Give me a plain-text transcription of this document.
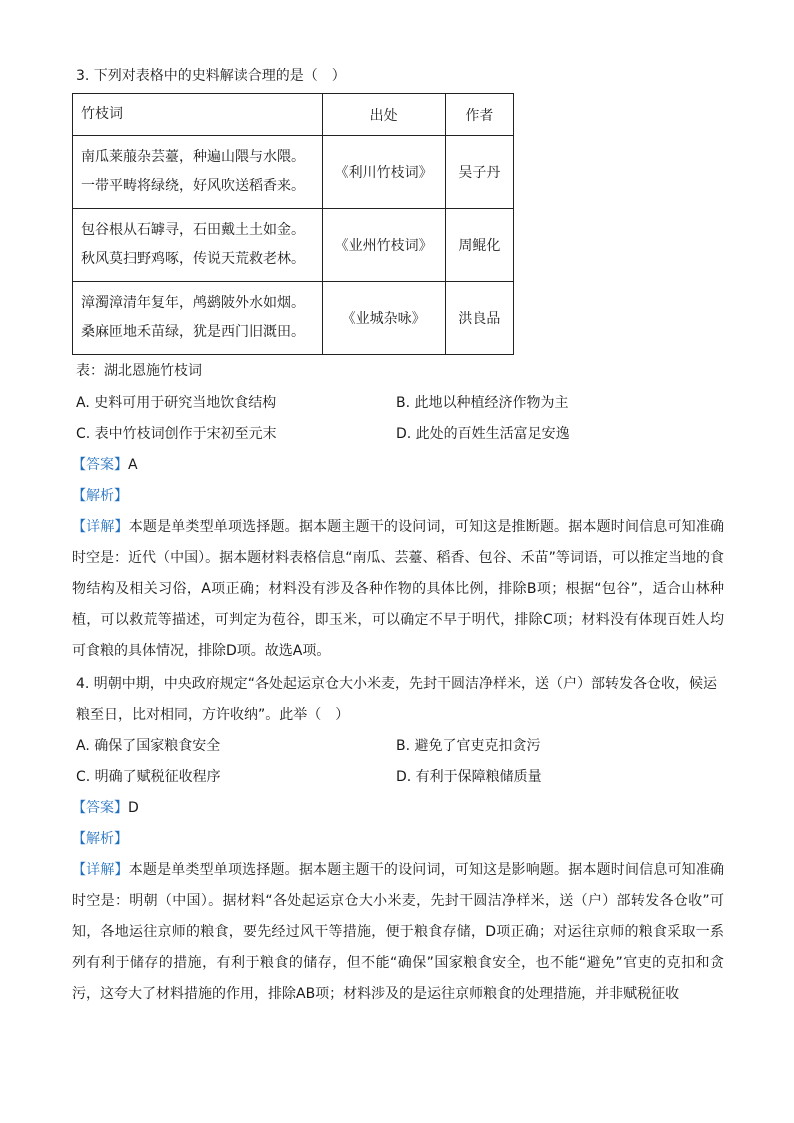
3. 下列对表格中的史料解读合理的是（　）
竹枝词	出处	作者

南瓜莱菔杂芸薹，种遍山隈与水隈。
一带平畴将绿绕，好风吹送稻香来。	《利川竹枝词》	吴子丹

包谷根从石罅寻，石田戴土土如金。
秋风莫扫野鸡啄，传说天荒救老林。	《业州竹枝词》	周鲲化

漳濁漳清年复年，鸬鹚陂外水如烟。
桑麻匝地禾苗绿，犹是西门旧溉田。	《业城杂咏》	洪良品
表：湖北恩施竹枝词
A. 史料可用于研究当地饮食结构	B. 此地以种植经济作物为主
C. 表中竹枝词创作于宋初至元末	D. 此处的百姓生活富足安逸
【答案】A
【解析】
【详解】本题是单类型单项选择题。据本题主题干的设问词，可知这是推断题。据本题时间信息可知准确时空是：近代（中国）。据本题材料表格信息“南瓜、芸薹、稻香、包谷、禾苗”等词语，可以推定当地的食物结构及相关习俗，A项正确；材料没有涉及各种作物的具体比例，排除B项；根据“包谷”，适合山林种植，可以救荒等描述，可判定为苞谷，即玉米，可以确定不早于明代，排除C项；材料没有体现百姓人均可食粮的具体情况，排除D项。故选A项。
4. 明朝中期，中央政府规定“各处起运京仓大小米麦，先封干圆洁净样米，送（户）部转发各仓收，候运
粮至日，比对相同，方许收纳”。此举（　）
A. 确保了国家粮食安全	B. 避免了官吏克扣贪污
C. 明确了赋税征收程序	D. 有利于保障粮储质量
【答案】D
【解析】
【详解】本题是单类型单项选择题。据本题主题干的设问词，可知这是影响题。据本题时间信息可知准确时空是：明朝（中国）。据材料“各处起运京仓大小米麦，先封干圆洁净样米，送（户）部转发各仓收”可知，各地运往京师的粮食，要先经过风干等措施，便于粮食存储，D项正确；对运往京师的粮食采取一系列有利于储存的措施，有利于粮食的储存，但不能“确保”国家粮食安全，也不能“避免”官吏的克扣和贪污，这夸大了材料措施的作用，排除AB项；材料涉及的是运往京师粮食的处理措施，并非赋税征收
